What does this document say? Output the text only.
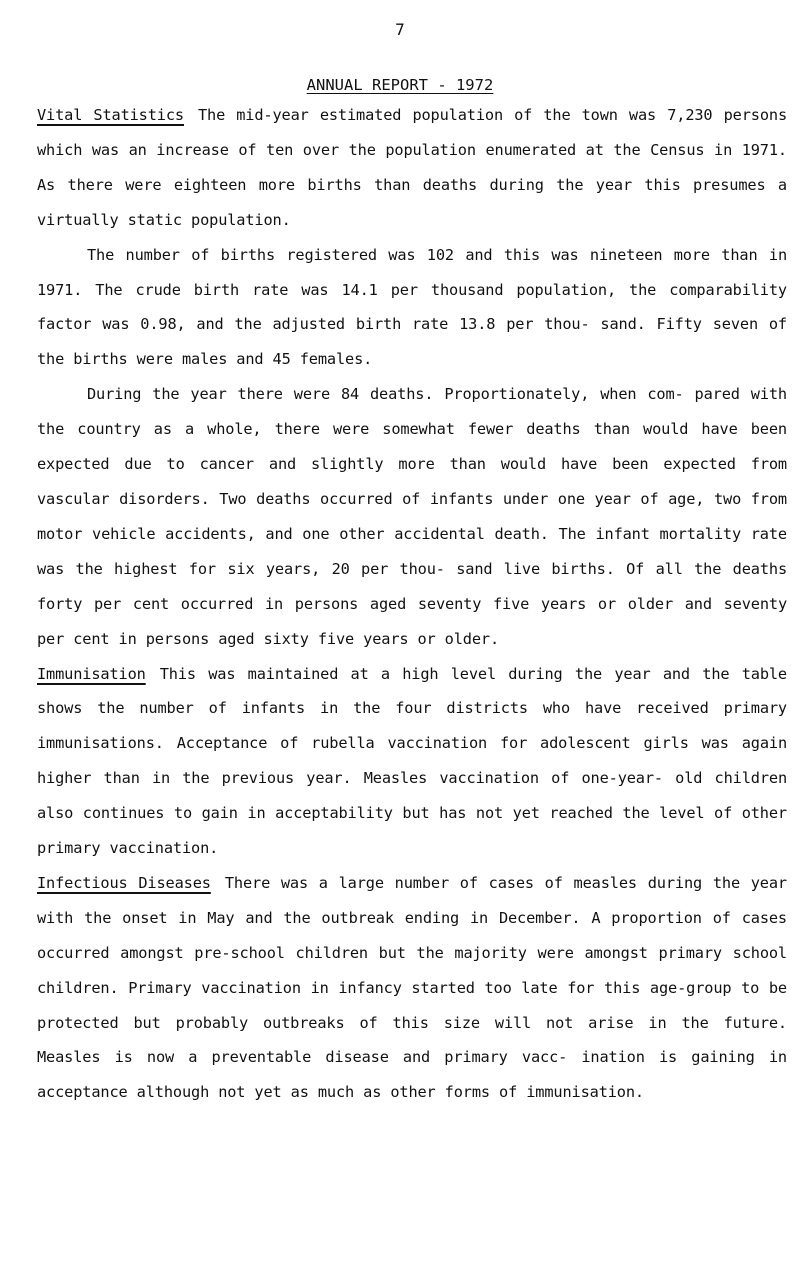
7
ANNUAL REPORT - 1972

Vital Statistics The mid-year estimated population of the town was 7,230 persons which was an increase of ten over the population enumerated at the Census in 1971. As there were eighteen more births than deaths during the year this presumes a virtually static population.

The number of births registered was 102 and this was nineteen more than in 1971. The crude birth rate was 14.1 per thousand population, the comparability factor was 0.98, and the adjusted birth rate 13.8 per thou- sand. Fifty seven of the births were males and 45 females.

During the year there were 84 deaths. Proportionately, when com- pared with the country as a whole, there were somewhat fewer deaths than would have been expected due to cancer and slightly more than would have been expected from vascular disorders. Two deaths occurred of infants under one year of age, two from motor vehicle accidents, and one other accidental death. The infant mortality rate was the highest for six years, 20 per thou- sand live births. Of all the deaths forty per cent occurred in persons aged seventy five years or older and seventy per cent in persons aged sixty five years or older.

Immunisation This was maintained at a high level during the year and the table shows the number of infants in the four districts who have received primary immunisations. Acceptance of rubella vaccination for adolescent girls was again higher than in the previous year. Measles vaccination of one-year- old children also continues to gain in acceptability but has not yet reached the level of other primary vaccination.

Infectious Diseases There was a large number of cases of measles during the year with the onset in May and the outbreak ending in December. A proportion of cases occurred amongst pre-school children but the majority were amongst primary school children. Primary vaccination in infancy started too late for this age-group to be protected but probably outbreaks of this size will not arise in the future. Measles is now a preventable disease and primary vacc- ination is gaining in acceptance although not yet as much as other forms of immunisation.
